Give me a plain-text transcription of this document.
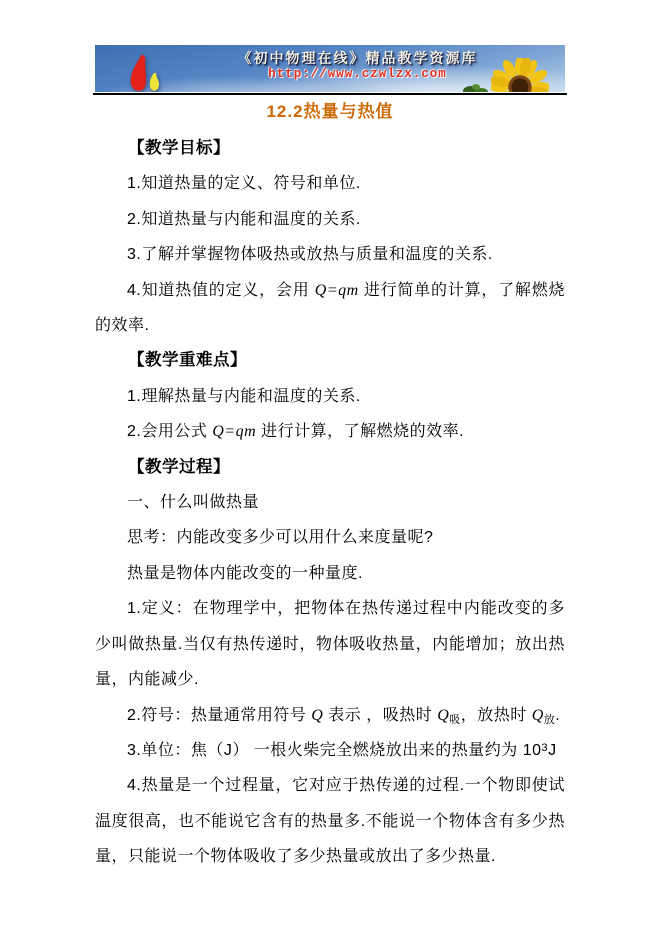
《初中物理在线》精品教学资源库
http://www.czwlzx.com
12.2热量与热值

【教学目标】

1.知道热量的定义、符号和单位.

2.知道热量与内能和温度的关系.

3.了解并掌握物体吸热或放热与质量和温度的关系.

4.知道热值的定义，会用 Q=qm 进行简单的计算，了解燃烧的效率.

【教学重难点】

1.理解热量与内能和温度的关系.

2.会用公式 Q=qm 进行计算，了解燃烧的效率.

【教学过程】

一、什么叫做热量

思考：内能改变多少可以用什么来度量呢?

热量是物体内能改变的一种量度.

1.定义：在物理学中，把物体在热传递过程中内能改变的多少叫做热量.当仅有热传递时，物体吸收热量，内能增加；放出热量，内能减少.

2.符号：热量通常用符号 Q 表示 ，吸热时 $Q_吸$，放热时 $Q_放$.

3.单位：焦（J） 一根火柴完全燃烧放出来的热量约为 $10^3J$

4.热量是一个过程量，它对应于热传递的过程.一个物即使试温度很高，也不能说它含有的热量多.不能说一个物体含有多少热量，只能说一个物体吸收了多少热量或放出了多少热量.
